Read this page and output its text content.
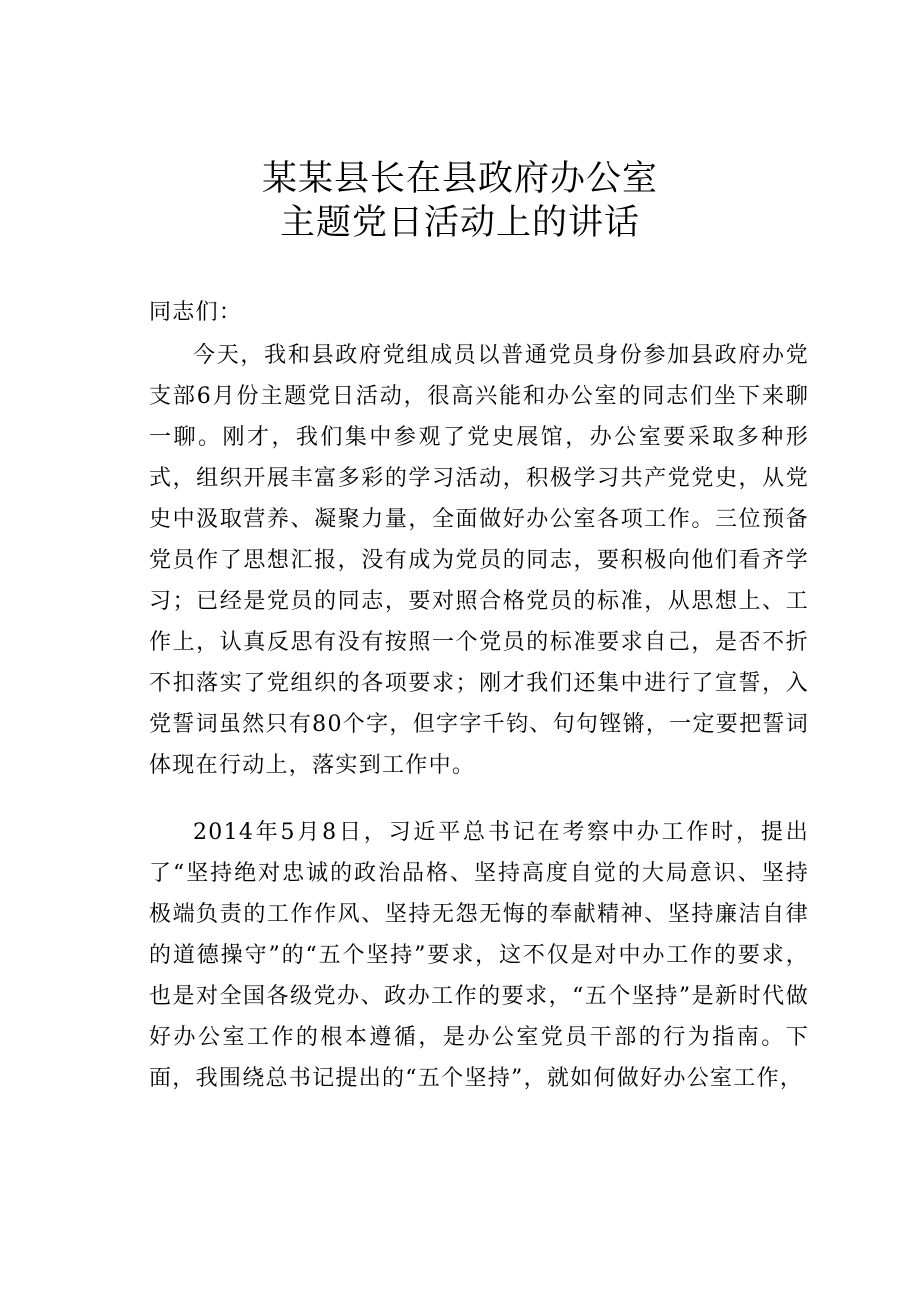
某某县长在县政府办公室
主题党日活动上的讲话
同志们：
今天，我和县政府党组成员以普通党员身份参加县政府办党支部6月份主题党日活动，很高兴能和办公室的同志们坐下来聊一聊。刚才，我们集中参观了党史展馆，办公室要采取多种形式，组织开展丰富多彩的学习活动，积极学习共产党党史，从党史中汲取营养、凝聚力量，全面做好办公室各项工作。三位预备党员作了思想汇报，没有成为党员的同志，要积极向他们看齐学习；已经是党员的同志，要对照合格党员的标准，从思想上、工作上，认真反思有没有按照一个党员的标准要求自己，是否不折不扣落实了党组织的各项要求；刚才我们还集中进行了宣誓，入党誓词虽然只有80个字，但字字千钧、句句铿锵，一定要把誓词体现在行动上，落实到工作中。
2014年5月8日，习近平总书记在考察中办工作时，提出了“坚持绝对忠诚的政治品格、坚持高度自觉的大局意识、坚持极端负责的工作作风、坚持无怨无悔的奉献精神、坚持廉洁自律的道德操守”的“五个坚持”要求，这不仅是对中办工作的要求，也是对全国各级党办、政办工作的要求，“五个坚持”是新时代做好办公室工作的根本遵循，是办公室党员干部的行为指南。下面，我围绕总书记提出的“五个坚持”，就如何做好办公室工作，
